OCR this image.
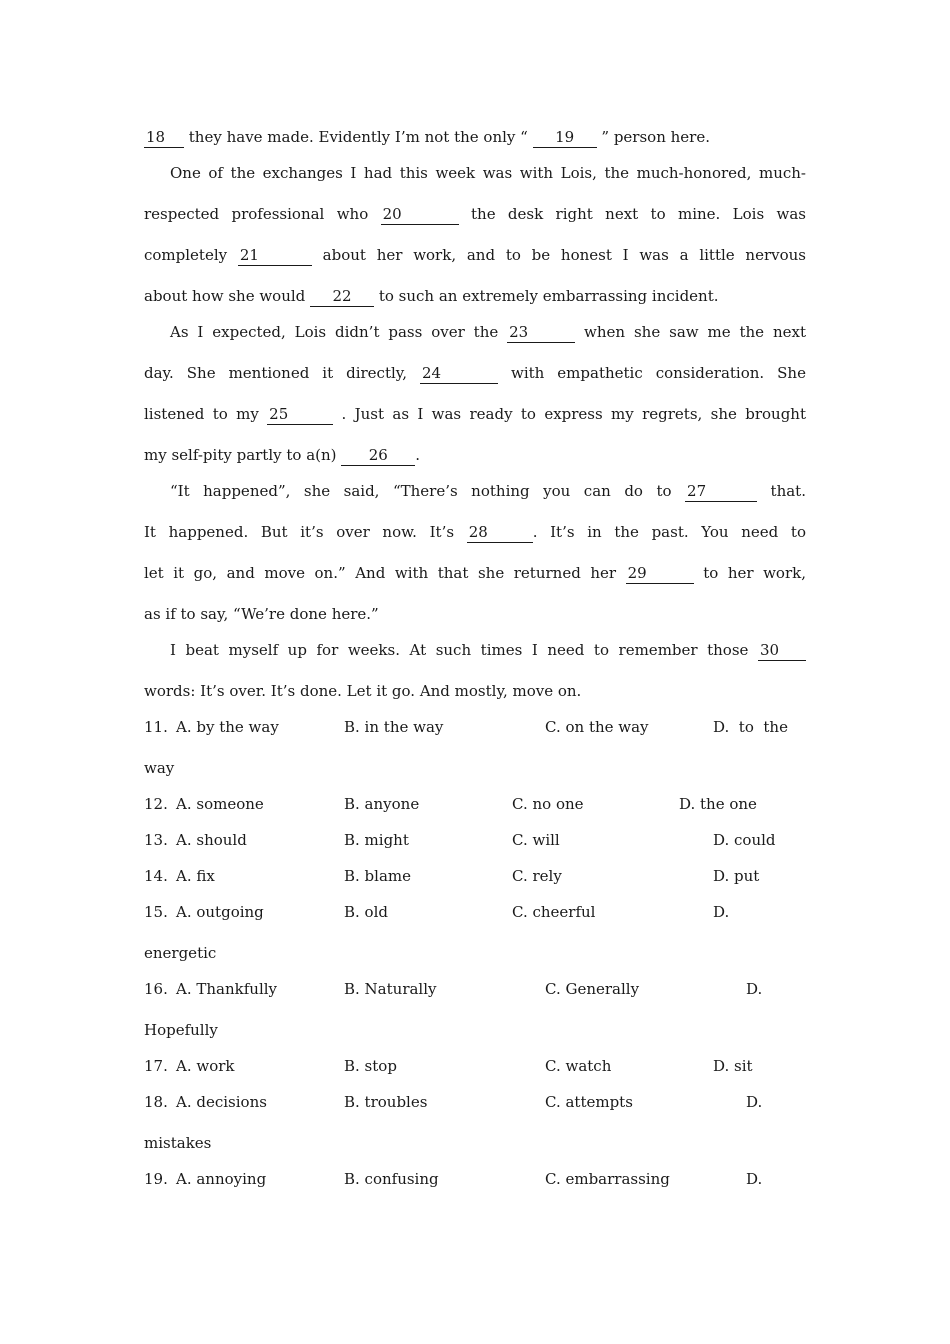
18 they have made. Evidently I’m not the only “ 19 ” person here.
One of the exchanges I had this week was with Lois, the much-honored, much-
respected professional who 20	the desk right next to mine. Lois was
completely 21	about her work, and to be honest I was a little nervous
about how she would 22 to such an extremely embarrassing incident.
As I expected, Lois didn’t pass over the 23	when she saw me the next
day. She mentioned it directly, 24	with empathetic consideration. She
listened to my 25	. Just as I was ready to express my regrets, she brought
my self-pity partly to a(n) 26 .
“It happened”, she said, “There’s nothing you can do to 27	that.
It happened. But it’s over now. It’s 28	. It’s in the past. You need to
let it go, and move on.” And with that she returned her 29	to her work,
as if to say, “We’re done here.”
I beat myself up for weeks. At such times I need to remember those 30
words: It’s over. It’s done. Let it go. And mostly, move on.
11. A. by the way	B. in the way	C. on the way	D.  to  the
way
12. A. someone	B. anyone	C. no one	D. the one
13. A. should	B. might	C. will	D. could
14. A. fix	B. blame	C. rely	D. put
15. A. outgoing	B. old	C. cheerful	D.
energetic
16. A. Thankfully	B. Naturally	C. Generally	D.
Hopefully
17. A. work	B. stop	C. watch	D. sit
18. A. decisions	B. troubles	C. attempts	D.
mistakes
19. A. annoying	B. confusing	C. embarrassing	D.
